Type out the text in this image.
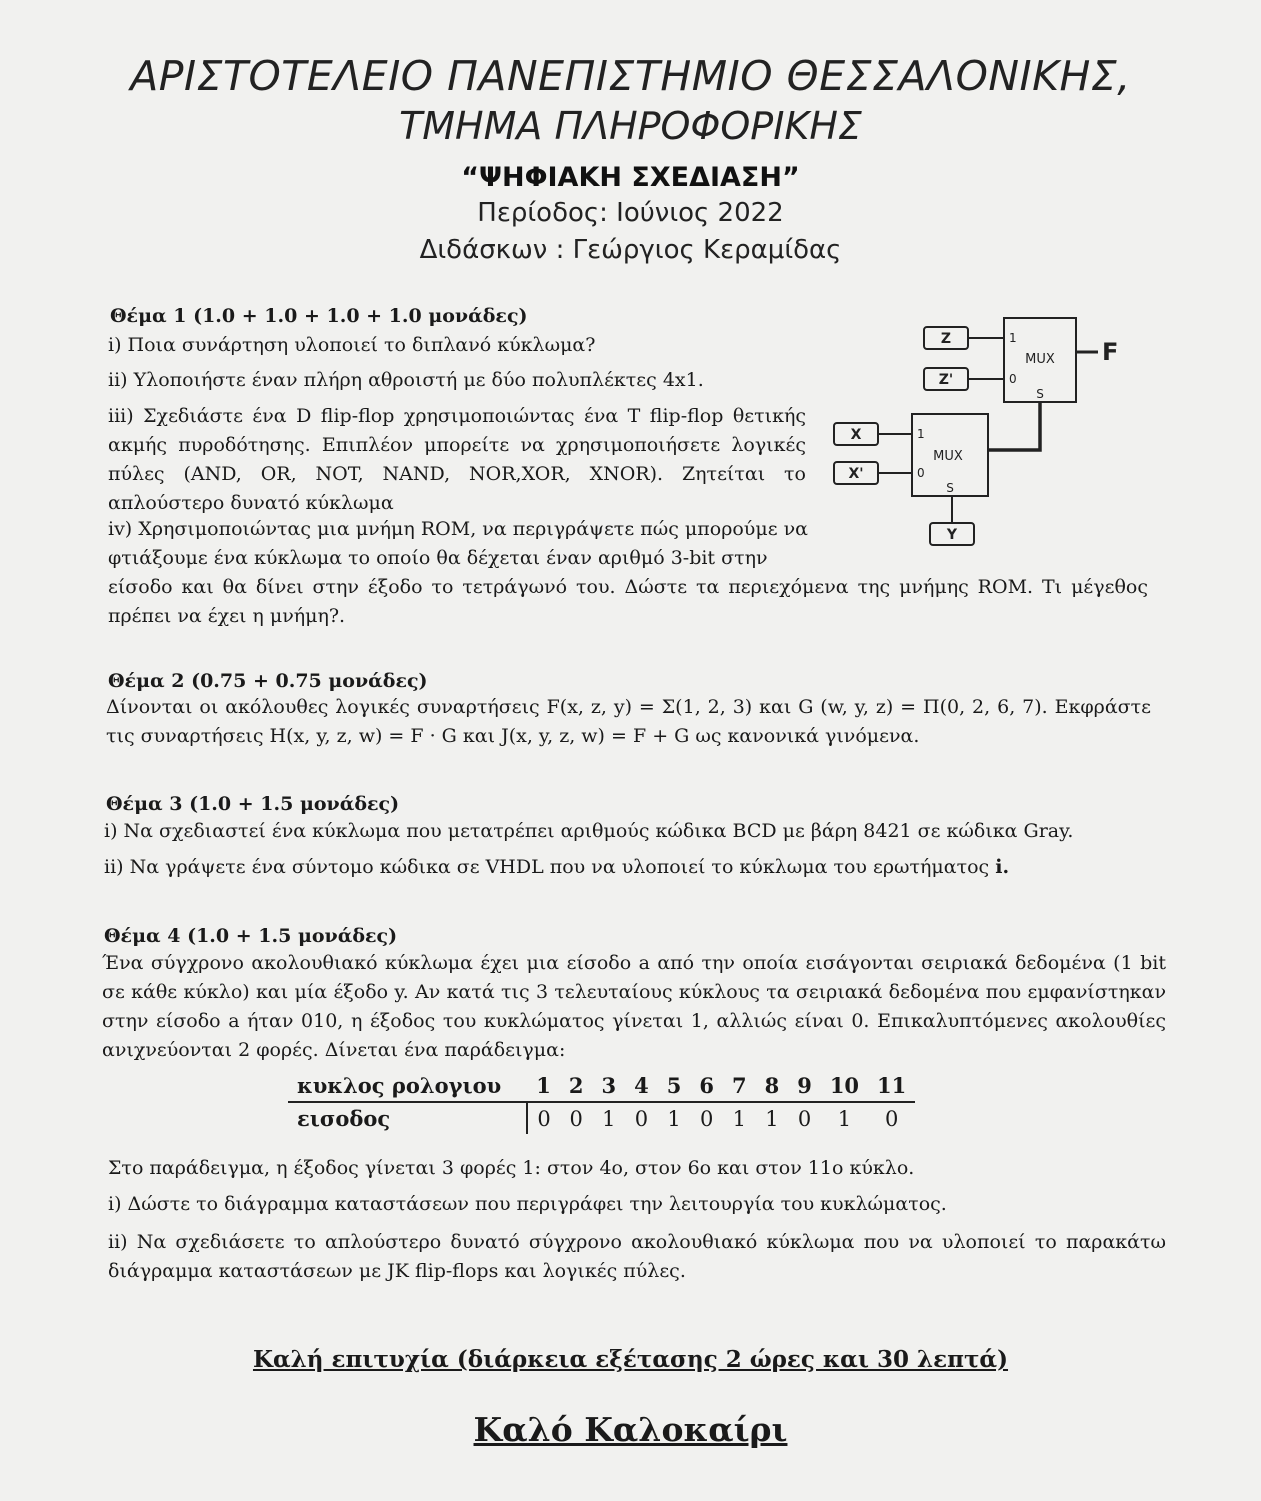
ΑΡΙΣΤΟΤΕΛΕΙΟ ΠΑΝΕΠΙΣΤΗΜΙΟ ΘΕΣΣΑΛΟΝΙΚΗΣ,
ΤΜΗΜΑ ΠΛΗΡΟΦΟΡΙΚΗΣ
“ΨΗΦΙΑΚΗ ΣΧΕΔΙΑΣΗ”
Περίοδος: Ιούνιος 2022
Διδάσκων : Γεώργιος Κεραμίδας
Θέμα 1 (1.0 + 1.0 + 1.0 + 1.0 μονάδες)
i) Ποια συνάρτηση υλοποιεί το διπλανό κύκλωμα?
ii) Υλοποιήστε έναν πλήρη αθροιστή με δύο πολυπλέκτες 4x1.
iii) Σχεδιάστε ένα D flip-flop χρησιμοποιώντας ένα T flip-flop θετικής ακμής πυροδότησης. Επιπλέον μπορείτε να χρησιμοποιήσετε λογικές πύλες (AND, OR, NOT, NAND, NOR,XOR, XNOR). Ζητείται το απλούστερο δυνατό κύκλωμα
iv) Χρησιμοποιώντας μια μνήμη ROM, να περιγράψετε πώς μπορούμε να φτιάξουμε ένα κύκλωμα το οποίο θα δέχεται έναν αριθμό 3-bit στην
είσοδο και θα δίνει στην έξοδο το τετράγωνό του. Δώστε τα περιεχόμενα της μνήμης ROM. Τι μέγεθος πρέπει να έχει η μνήμη?.
Z
Z'
X
X'
Y
1
0
MUX
S
1
0
MUX
S
F
Θέμα 2 (0.75 + 0.75 μονάδες)
Δίνονται οι ακόλουθες λογικές συναρτήσεις F(x, z, y) = Σ(1, 2, 3) και G (w, y, z) = Π(0, 2, 6, 7). Εκφράστε τις συναρτήσεις H(x, y, z, w) = F · G και J(x, y, z, w) = F + G ως κανονικά γινόμενα.
Θέμα 3 (1.0 + 1.5 μονάδες)
i) Να σχεδιαστεί ένα κύκλωμα που μετατρέπει αριθμούς κώδικα BCD με βάρη 8421 σε κώδικα Gray.
ii) Να γράψετε ένα σύντομο κώδικα σε VHDL που να υλοποιεί το κύκλωμα του ερωτήματος i.
Θέμα 4 (1.0 + 1.5 μονάδες)
Ένα σύγχρονο ακολουθιακό κύκλωμα έχει μια είσοδο a από την οποία εισάγονται σειριακά δεδομένα (1 bit σε κάθε κύκλο) και μία έξοδο y. Αν κατά τις 3 τελευταίους κύκλους τα σειριακά δεδομένα που εμφανίστηκαν στην είσοδο a ήταν 010, η έξοδος του κυκλώματος γίνεται 1, αλλιώς είναι 0. Επικαλυπτόμενες ακολουθίες ανιχνεύονται 2 φορές. Δίνεται ένα παράδειγμα:
κυκλος ρολογιου	1	2	3	4	5	6	7	8	9	10	11
εισοδος	0	0	1	0	1	0	1	1	0	1	0
Στο παράδειγμα, η έξοδος γίνεται 3 φορές 1: στον 4ο, στον 6ο και στον 11ο κύκλο.
i) Δώστε το διάγραμμα καταστάσεων που περιγράφει την λειτουργία του κυκλώματος.
ii) Να σχεδιάσετε το απλούστερο δυνατό σύγχρονο ακολουθιακό κύκλωμα που να υλοποιεί το παρακάτω διάγραμμα καταστάσεων με JK flip-flops και λογικές πύλες.
Καλή επιτυχία (διάρκεια εξέτασης 2 ώρες και 30 λεπτά)
Καλό Καλοκαίρι
